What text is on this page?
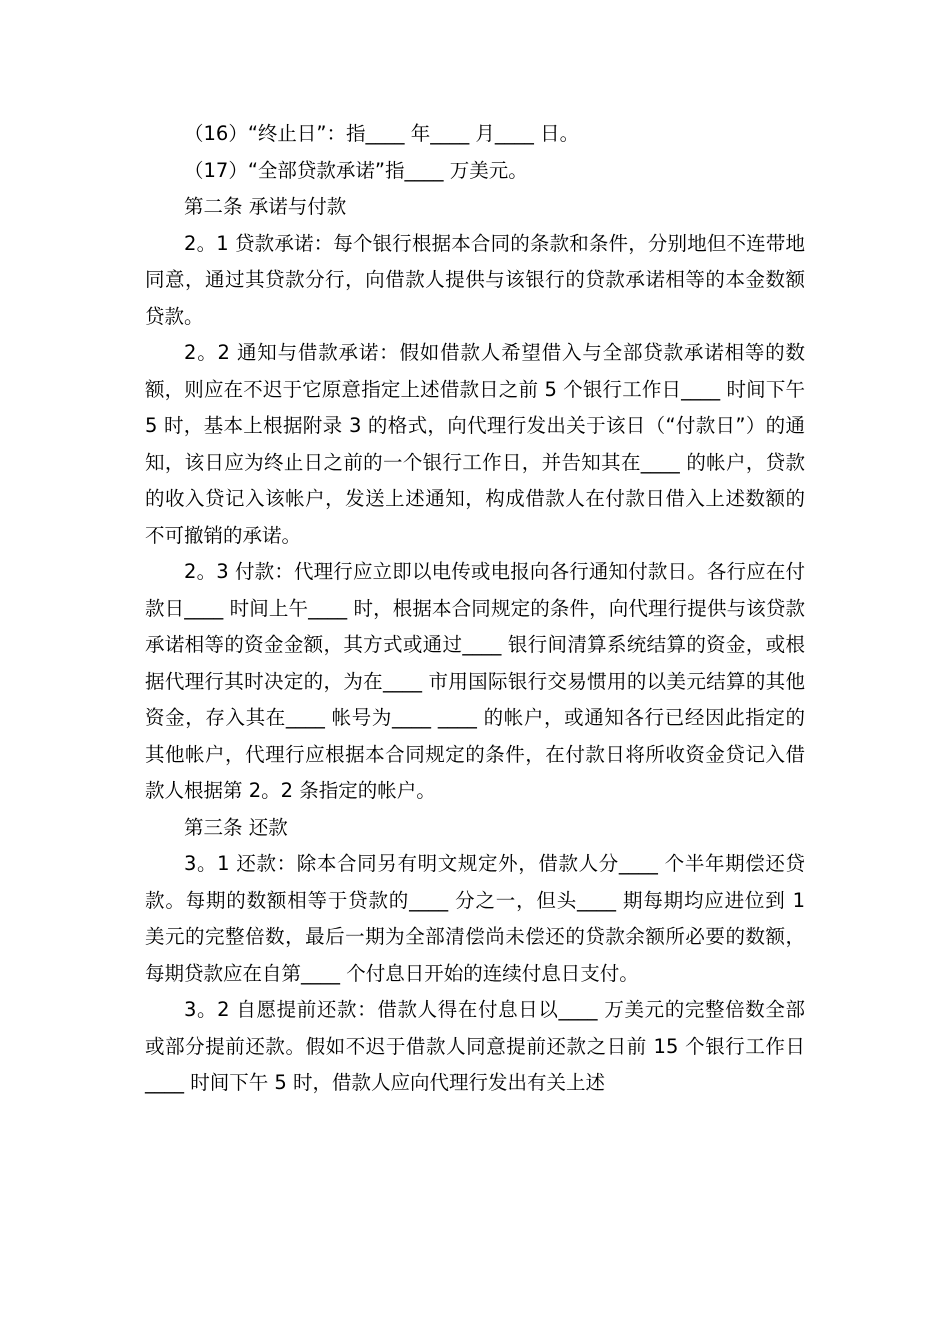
（16）“终止日”：指____ 年____ 月____ 日。

（17）“全部贷款承诺”指____ 万美元。

第二条 承诺与付款

2。1 贷款承诺：每个银行根据本合同的条款和条件，分别地但不连带地同意，通过其贷款分行，向借款人提供与该银行的贷款承诺相等的本金数额贷款。

2。2 通知与借款承诺：假如借款人希望借入与全部贷款承诺相等的数额，则应在不迟于它原意指定上述借款日之前 5 个银行工作日____ 时间下午 5 时，基本上根据附录 3 的格式，向代理行发出关于该日（“付款日”）的通知，该日应为终止日之前的一个银行工作日，并告知其在____ 的帐户，贷款的收入贷记入该帐户，发送上述通知，构成借款人在付款日借入上述数额的不可撤销的承诺。

2。3 付款：代理行应立即以电传或电报向各行通知付款日。各行应在付款日____ 时间上午____ 时，根据本合同规定的条件，向代理行提供与该贷款承诺相等的资金金额，其方式或通过____ 银行间清算系统结算的资金，或根据代理行其时决定的，为在____ 市用国际银行交易惯用的以美元结算的其他资金，存入其在____ 帐号为____ ____ 的帐户，或通知各行已经因此指定的其他帐户，代理行应根据本合同规定的条件，在付款日将所收资金贷记入借款人根据第 2。2 条指定的帐户。

第三条 还款

3。1 还款：除本合同另有明文规定外，借款人分____ 个半年期偿还贷款。每期的数额相等于贷款的____ 分之一，但头____ 期每期均应进位到 1 美元的完整倍数，最后一期为全部清偿尚未偿还的贷款余额所必要的数额，每期贷款应在自第____ 个付息日开始的连续付息日支付。

3。2 自愿提前还款：借款人得在付息日以____ 万美元的完整倍数全部或部分提前还款。假如不迟于借款人同意提前还款之日前 15 个银行工作日____ 时间下午 5 时，借款人应向代理行发出有关上述
